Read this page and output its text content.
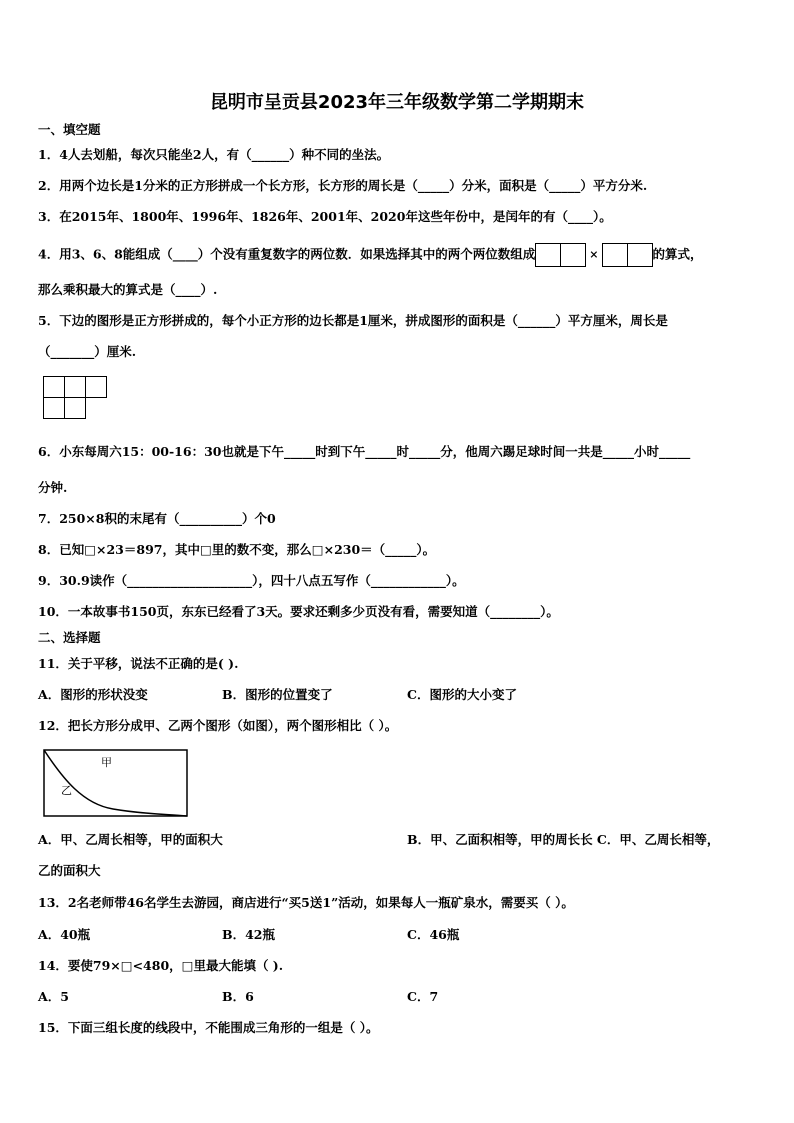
昆明市呈贡县2023年三年级数学第二学期期末
一、填空题
1．4人去划船，每次只能坐2人，有（______）种不同的坐法。
2．用两个边长是1分米的正方形拼成一个长方形，长方形的周长是（_____）分米，面积是（_____）平方分米.
3．在2015年、1800年、1996年、1826年、2001年、2020年这些年份中，是闰年的有（____）。
4．用3、6、8能组成（____）个没有重复数字的两位数．如果选择其中的两个两位数组成	×	的算式，
那么乘积最大的算式是（____）.
5．下边的图形是正方形拼成的，每个小正方形的边长都是1厘米，拼成图形的面积是（______）平方厘米，周长是
（_______）厘米.
6．小东每周六15：00-16：30也就是下午_____时到下午_____时_____分，他周六踢足球时间一共是_____小时_____
分钟.
7．250×8积的末尾有（__________）个0
8．已知□×23＝897，其中□里的数不变，那么□×230＝（_____）。
9．30.9读作（____________________），四十八点五写作（____________）。
10．一本故事书150页，东东已经看了3天。要求还剩多少页没有看，需要知道（________）。
二、选择题
11．关于平移，说法不正确的是( ).
A．图形的形状没变	B．图形的位置变了	C．图形的大小变了
12．把长方形分成甲、乙两个图形（如图），两个图形相比（ ）。
甲
乙
A．甲、乙周长相等，甲的面积大	B．甲、乙面积相等，甲的周长长 C．甲、乙周长相等，
乙的面积大
13．2名老师带46名学生去游园，商店进行“买5送1”活动，如果每人一瓶矿泉水，需要买（ ）。
A．40瓶	B．42瓶	C．46瓶
14．要使79×□<480，□里最大能填（ ).
A．5	B．6	C．7
15．下面三组长度的线段中，不能围成三角形的一组是（ ）。
